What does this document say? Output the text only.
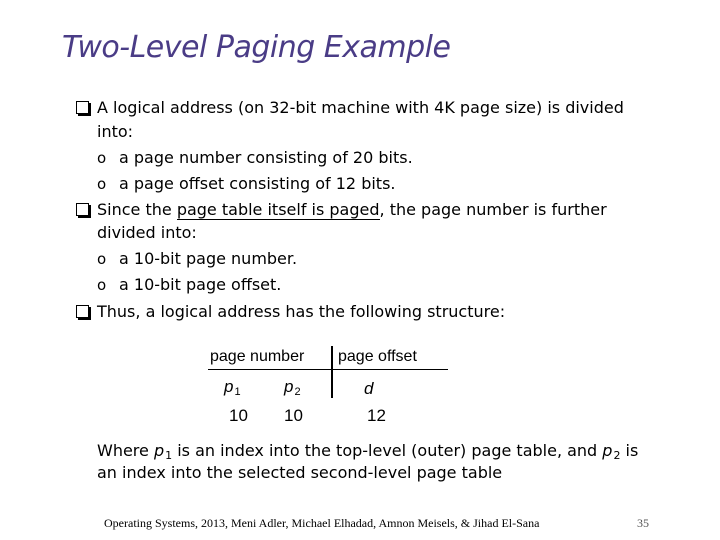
Two-Level Paging Example
A logical address (on 32-bit machine with 4K page size) is divided
into:
o a page number consisting of 20 bits.
o a page offset consisting of 12 bits.
Since the page table itself is paged, the page number is further
divided into:
o a 10-bit page number.
o a 10-bit page offset.
Thus, a logical address has the following structure:
page number page offset
$p_1$	$p_2$	d
10 10	12
Where $p_1$ is an index into the top-level (outer) page table, and $p_2$ is
an index into the selected second-level page table
Operating Systems, 2013, Meni Adler, Michael Elhadad, Amnon Meisels, & Jihad El-Sana	35
